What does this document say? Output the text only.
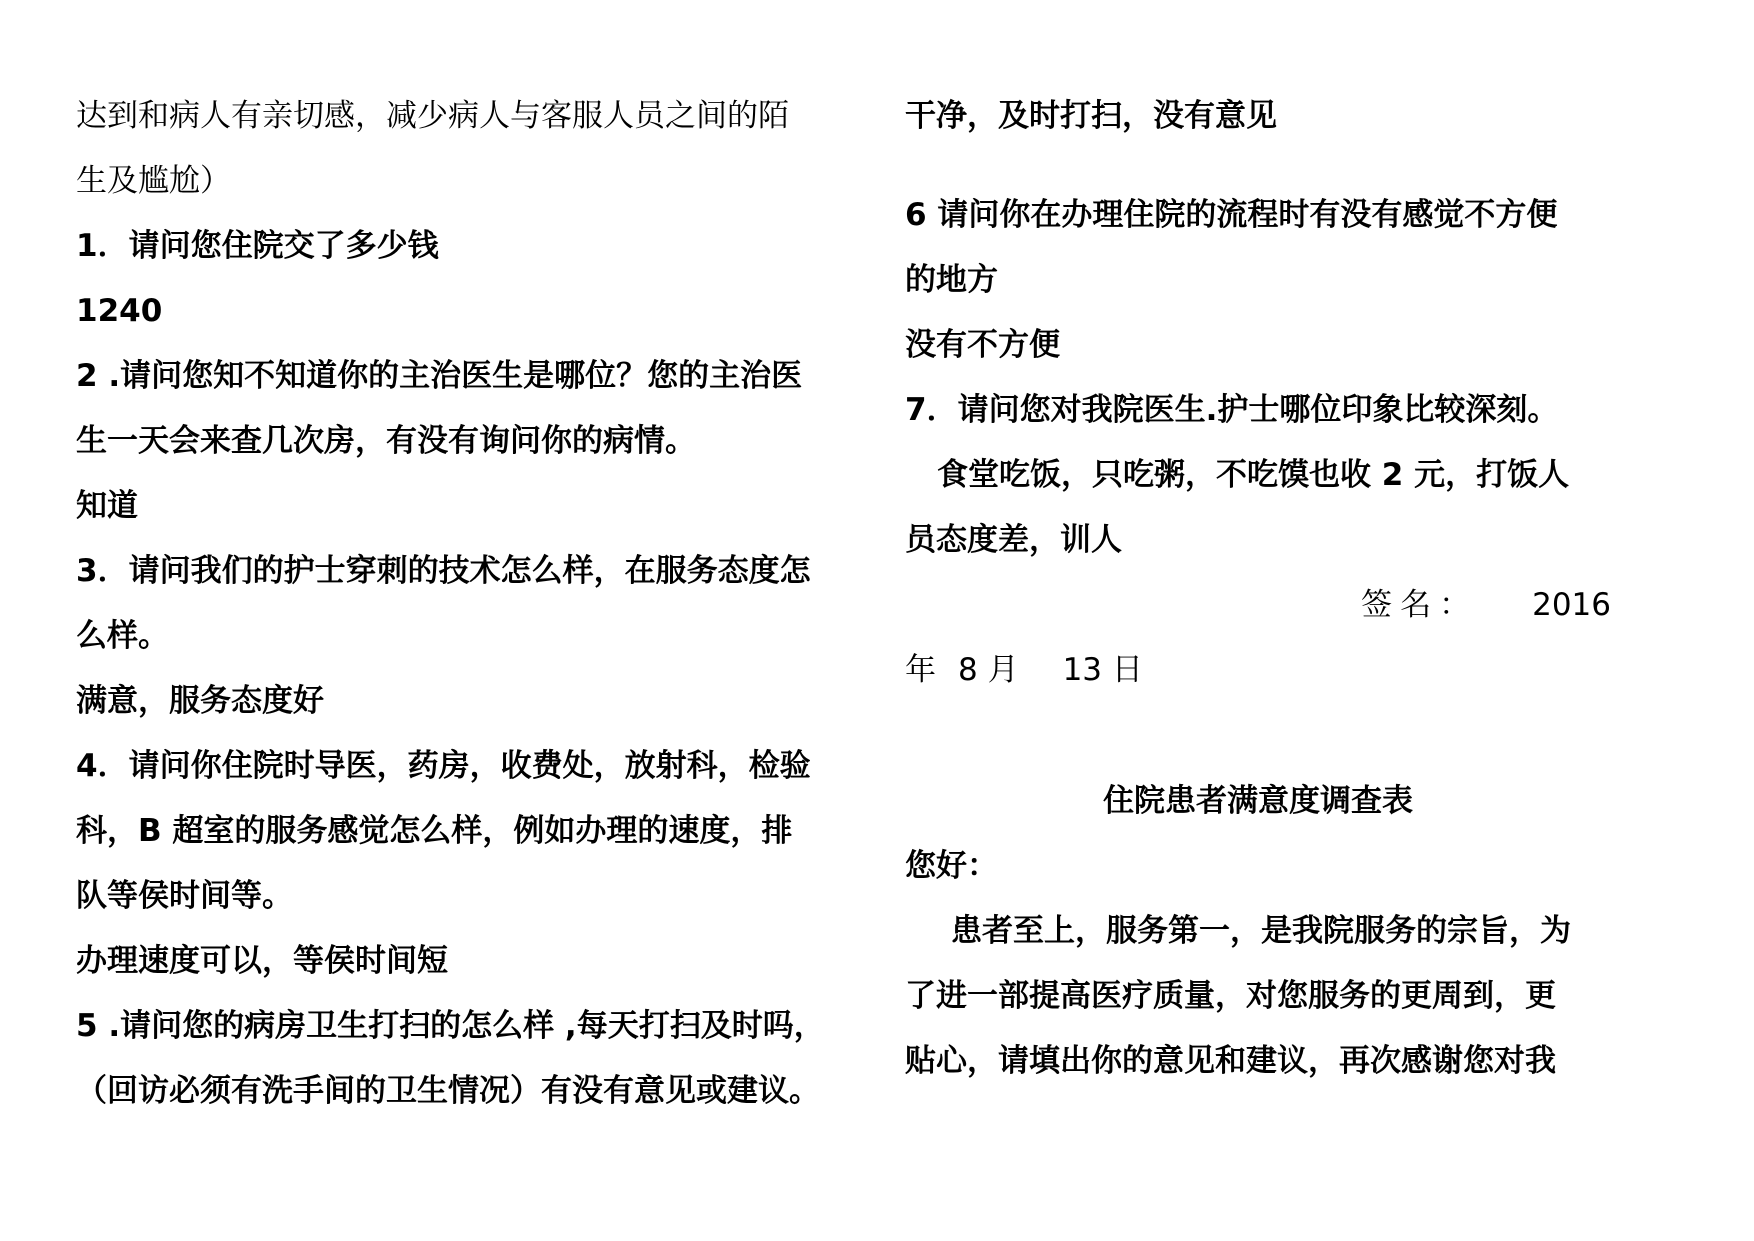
达到和病人有亲切感，减少病人与客服人员之间的陌
生及尴尬）
1．请问您住院交了多少钱
1240
2 .请问您知不知道你的主治医生是哪位？您的主治医
生一天会来查几次房，有没有询问你的病情。
知道
3．请问我们的护士穿刺的技术怎么样，在服务态度怎
么样。
满意，服务态度好
4．请问你住院时导医，药房，收费处，放射科，检验
科，B 超室的服务感觉怎么样，例如办理的速度，排
队等侯时间等。
办理速度可以，等侯时间短
5 .请问您的病房卫生打扫的怎么样 ,每天打扫及时吗，
（回访必须有洗手间的卫生情况）有没有意见或建议。
干净，及时打扫，没有意见
6 请问你在办理住院的流程时有没有感觉不方便
的地方
没有不方便
7．请问您对我院医生.护士哪位印象比较深刻。
食堂吃饭，只吃粥，不吃馍也收 2 元，打饭人
员态度差，训人
签名： 2016
年 8 月 13 日
住院患者满意度调查表
您好：
患者至上，服务第一，是我院服务的宗旨，为
了进一部提高医疗质量，对您服务的更周到，更
贴心，请填出你的意见和建议，再次感谢您对我
